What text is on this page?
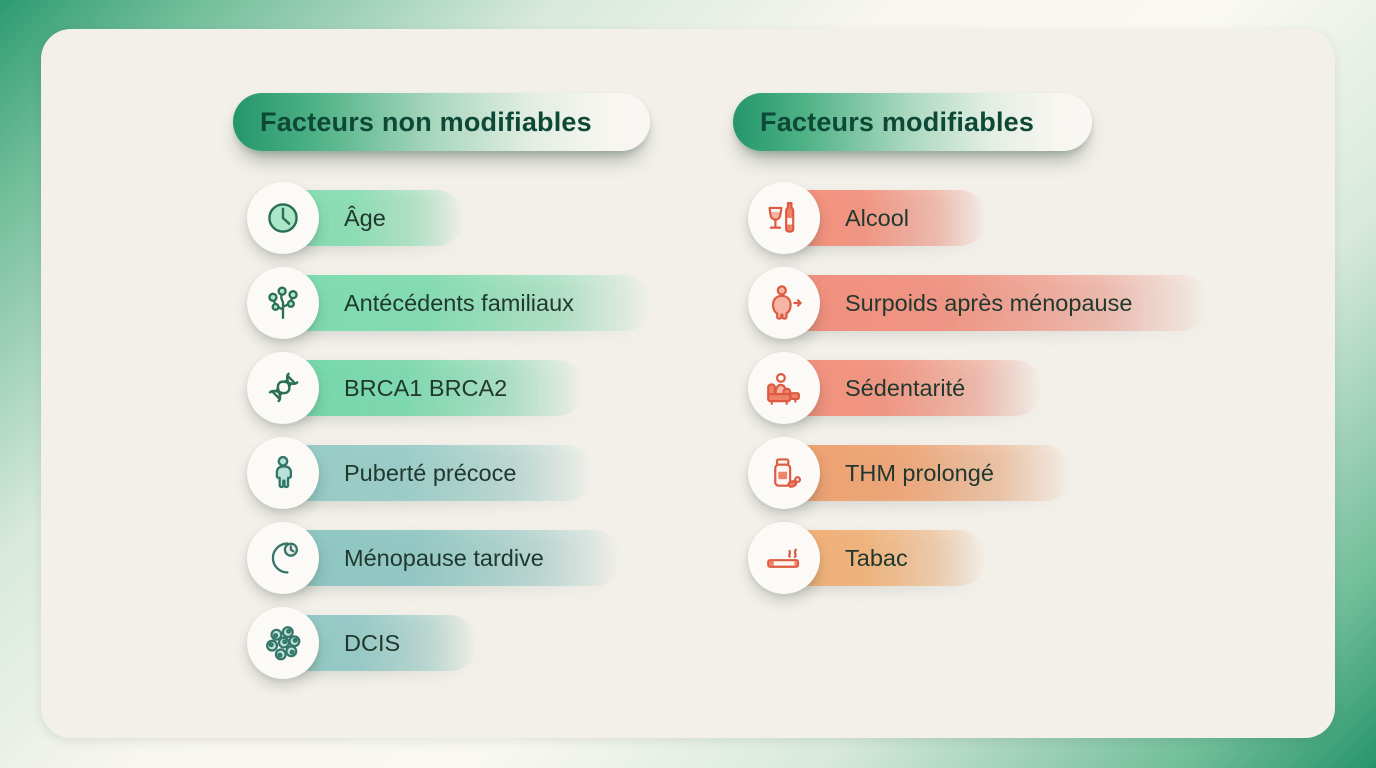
Facteurs non modifiables	Facteurs modifiables
Âge
Antécédents familiaux
BRCA1 BRCA2
Puberté précoce
Ménopause tardive
DCIS
Alcool
Surpoids après ménopause
Sédentarité
THM prolongé
Tabac
